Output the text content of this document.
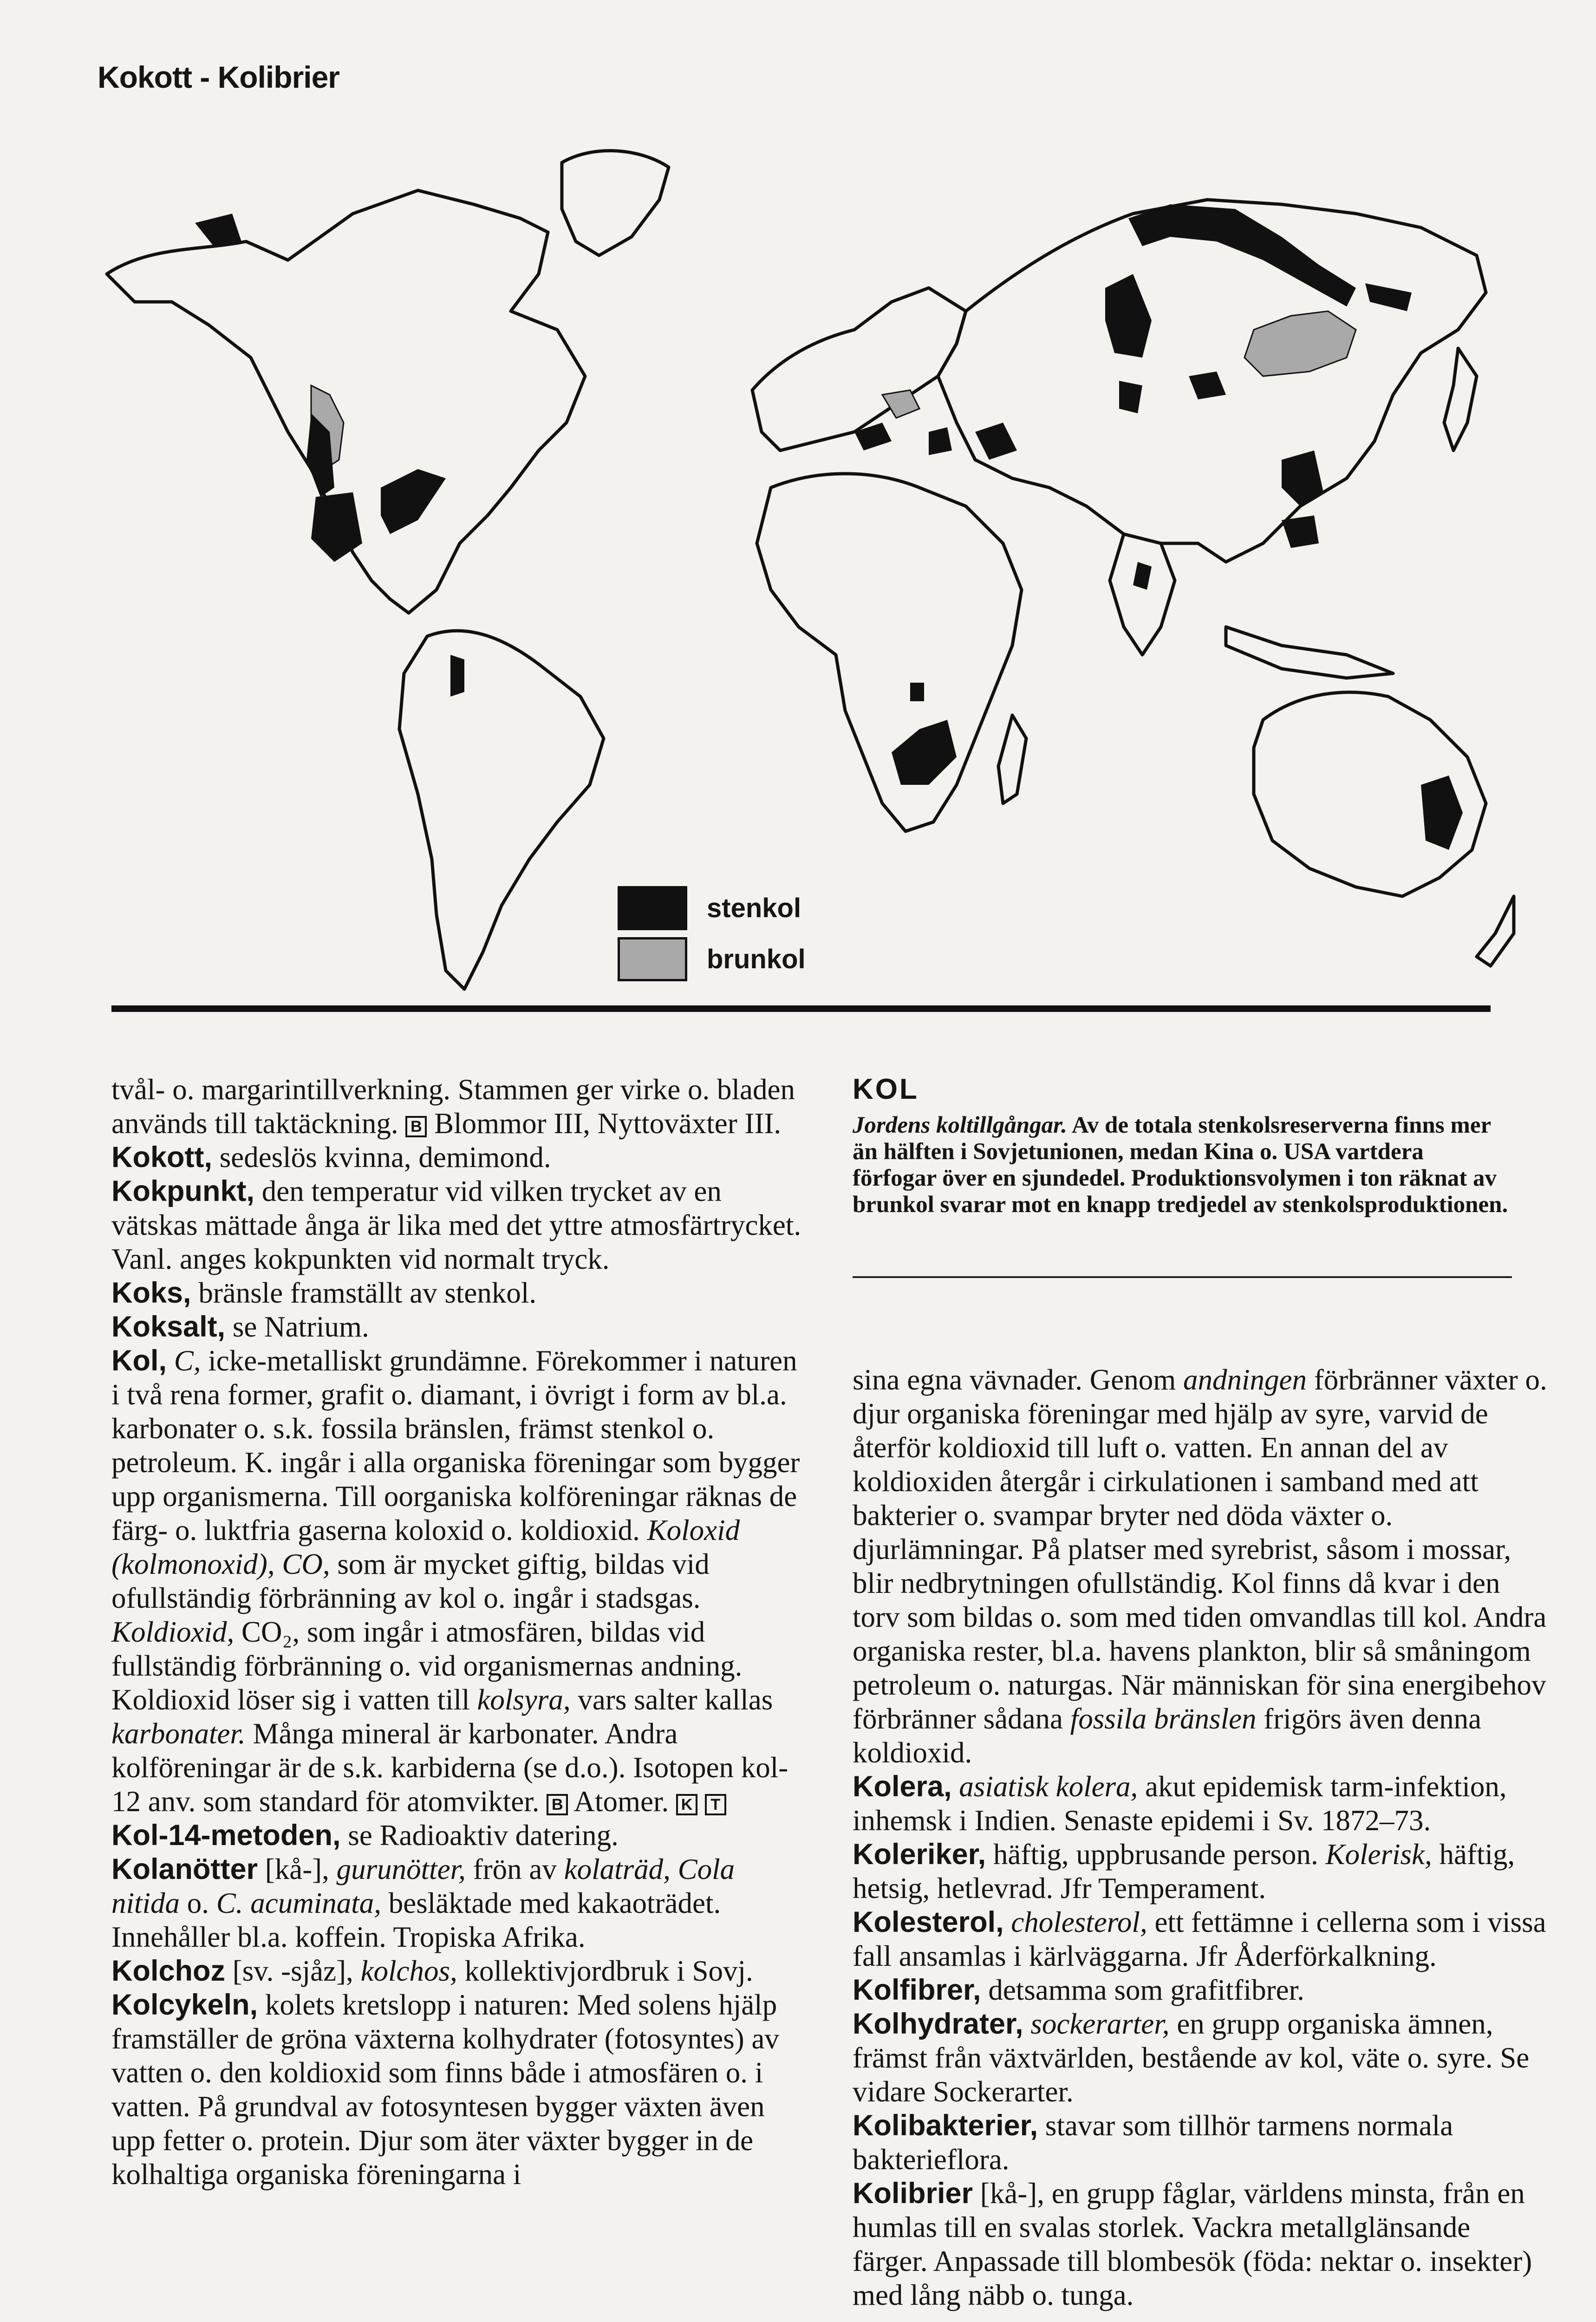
Kokott - Kolibrier
stenkol
brunkol

tvål- o. margarintillverkning. Stammen ger virke o. bladen används till taktäckning. B Blommor III, Nyttoväxter III.

Kokott, sedeslös kvinna, demimond.

Kokpunkt, den temperatur vid vilken trycket av en vätskas mättade ånga är lika med det yttre atmosfärtrycket. Vanl. anges kokpunkten vid normalt tryck.

Koks, bränsle framställt av stenkol.

Koksalt, se Natrium.

Kol, C, icke-metalliskt grundämne. Förekommer i naturen i två rena former, grafit o. diamant, i övrigt i form av bl.a. karbonater o. s.k. fossila bränslen, främst stenkol o. petroleum. K. ingår i alla organiska föreningar som bygger upp organismerna. Till oorganiska kolföreningar räknas de färg- o. luktfria gaserna koloxid o. koldioxid. Koloxid (kolmonoxid), CO, som är mycket giftig, bildas vid ofullständig förbränning av kol o. ingår i stadsgas. Koldioxid, CO₂, som ingår i atmosfären, bildas vid fullständig förbränning o. vid organismernas andning. Koldioxid löser sig i vatten till kolsyra, vars salter kallas karbonater. Många mineral är karbonater. Andra kolföreningar är de s.k. karbiderna (se d.o.). Isotopen kol-12 anv. som standard för atomvikter. B Atomer. K T

Kol-14-metoden, se Radioaktiv datering.

Kolanötter [kå-], gurunötter, frön av kolaträd, Cola nitida o. C. acuminata, besläktade med kakaoträdet. Innehåller bl.a. koffein. Tropiska Afrika.

Kolchoz [sv. -sjåz], kolchos, kollektivjordbruk i Sovj.

Kolcykeln, kolets kretslopp i naturen: Med solens hjälp framställer de gröna växterna kolhydrater (fotosyntes) av vatten o. den koldioxid som finns både i atmosfären o. i vatten. På grundval av fotosyntesen bygger växten även upp fetter o. protein. Djur som äter växter bygger in de kolhaltiga organiska föreningarna i

KOL
Jordens koltillgångar. Av de totala stenkolsreserverna finns mer än hälften i Sovjetunionen, medan Kina o. USA vartdera förfogar över en sjundedel. Produktionsvolymen i ton räknat av brunkol svarar mot en knapp tredjedel av stenkolsproduktionen.

sina egna vävnader. Genom andningen förbränner växter o. djur organiska föreningar med hjälp av syre, varvid de återför koldioxid till luft o. vatten. En annan del av koldioxiden återgår i cirkulationen i samband med att bakterier o. svampar bryter ned döda växter o. djurlämningar. På platser med syrebrist, såsom i mossar, blir nedbrytningen ofullständig. Kol finns då kvar i den torv som bildas o. som med tiden omvandlas till kol. Andra organiska rester, bl.a. havens plankton, blir så småningom petroleum o. naturgas. När människan för sina energibehov förbränner sådana fossila bränslen frigörs även denna koldioxid.

Kolera, asiatisk kolera, akut epidemisk tarm-infektion, inhemsk i Indien. Senaste epidemi i Sv. 1872–73.

Koleriker, häftig, uppbrusande person. Kolerisk, häftig, hetsig, hetlevrad. Jfr Temperament.

Kolesterol, cholesterol, ett fettämne i cellerna som i vissa fall ansamlas i kärlväggarna. Jfr Åderförkalkning.

Kolfibrer, detsamma som grafitfibrer.

Kolhydrater, sockerarter, en grupp organiska ämnen, främst från växtvärlden, bestående av kol, väte o. syre. Se vidare Sockerarter.

Kolibakterier, stavar som tillhör tarmens normala bakterieflora.

Kolibrier [kå-], en grupp fåglar, världens minsta, från en humlas till en svalas storlek. Vackra metallglänsande färger. Anpassade till blombesök (föda: nektar o. insekter) med lång näbb o. tunga.
